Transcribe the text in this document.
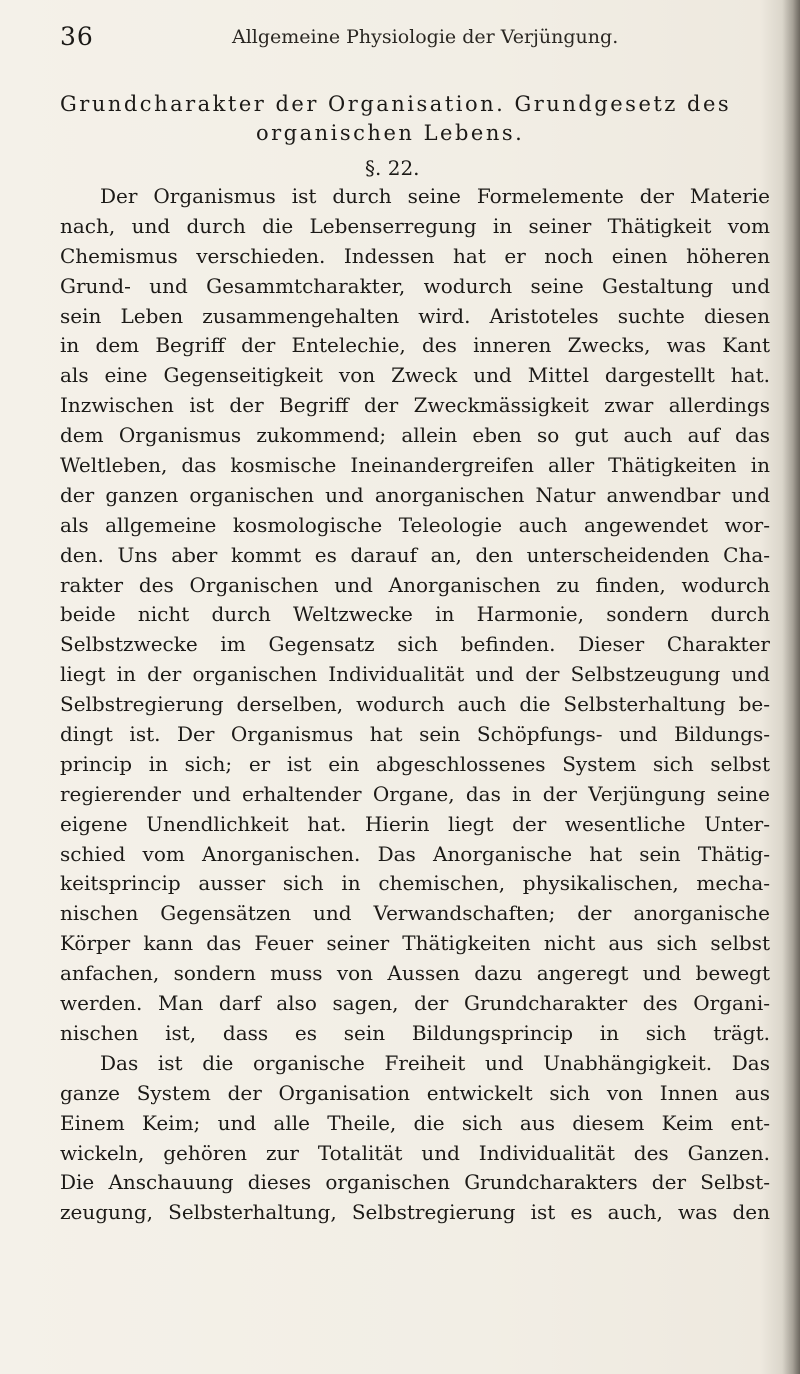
36	Allgemeine Physiologie der Verjüngung.
Grundcharakter der Organisation. Grundgesetz des
organischen Lebens.
§. 22.
Der Organismus ist durch seine Formelemente der Materie
nach, und durch die Lebenserregung in seiner Thätigkeit vom
Chemismus verschieden. Indessen hat er noch einen höheren
Grund- und Gesammtcharakter, wodurch seine Gestaltung und
sein Leben zusammengehalten wird. Aristoteles suchte diesen
in dem Begriff der Entelechie, des inneren Zwecks, was Kant
als eine Gegenseitigkeit von Zweck und Mittel dargestellt hat.
Inzwischen ist der Begriff der Zweckmässigkeit zwar allerdings
dem Organismus zukommend; allein eben so gut auch auf das
Weltleben, das kosmische Ineinandergreifen aller Thätigkeiten in
der ganzen organischen und anorganischen Natur anwendbar und
als allgemeine kosmologische Teleologie auch angewendet wor-
den. Uns aber kommt es darauf an, den unterscheidenden Cha-
rakter des Organischen und Anorganischen zu finden, wodurch
beide nicht durch Weltzwecke in Harmonie, sondern durch
Selbstzwecke im Gegensatz sich befinden. Dieser Charakter
liegt in der organischen Individualität und der Selbstzeugung und
Selbstregierung derselben, wodurch auch die Selbsterhaltung be-
dingt ist. Der Organismus hat sein Schöpfungs- und Bildungs-
princip in sich; er ist ein abgeschlossenes System sich selbst
regierender und erhaltender Organe, das in der Verjüngung seine
eigene Unendlichkeit hat. Hierin liegt der wesentliche Unter-
schied vom Anorganischen. Das Anorganische hat sein Thätig-
keitsprincip ausser sich in chemischen, physikalischen, mecha-
nischen Gegensätzen und Verwandschaften; der anorganische
Körper kann das Feuer seiner Thätigkeiten nicht aus sich selbst
anfachen, sondern muss von Aussen dazu angeregt und bewegt
werden. Man darf also sagen, der Grundcharakter des Organi-
nischen ist, dass es sein Bildungsprincip in sich trägt.
Das ist die organische Freiheit und Unabhängigkeit. Das
ganze System der Organisation entwickelt sich von Innen aus
Einem Keim; und alle Theile, die sich aus diesem Keim ent-
wickeln, gehören zur Totalität und Individualität des Ganzen.
Die Anschauung dieses organischen Grundcharakters der Selbst-
zeugung, Selbsterhaltung, Selbstregierung ist es auch, was den
